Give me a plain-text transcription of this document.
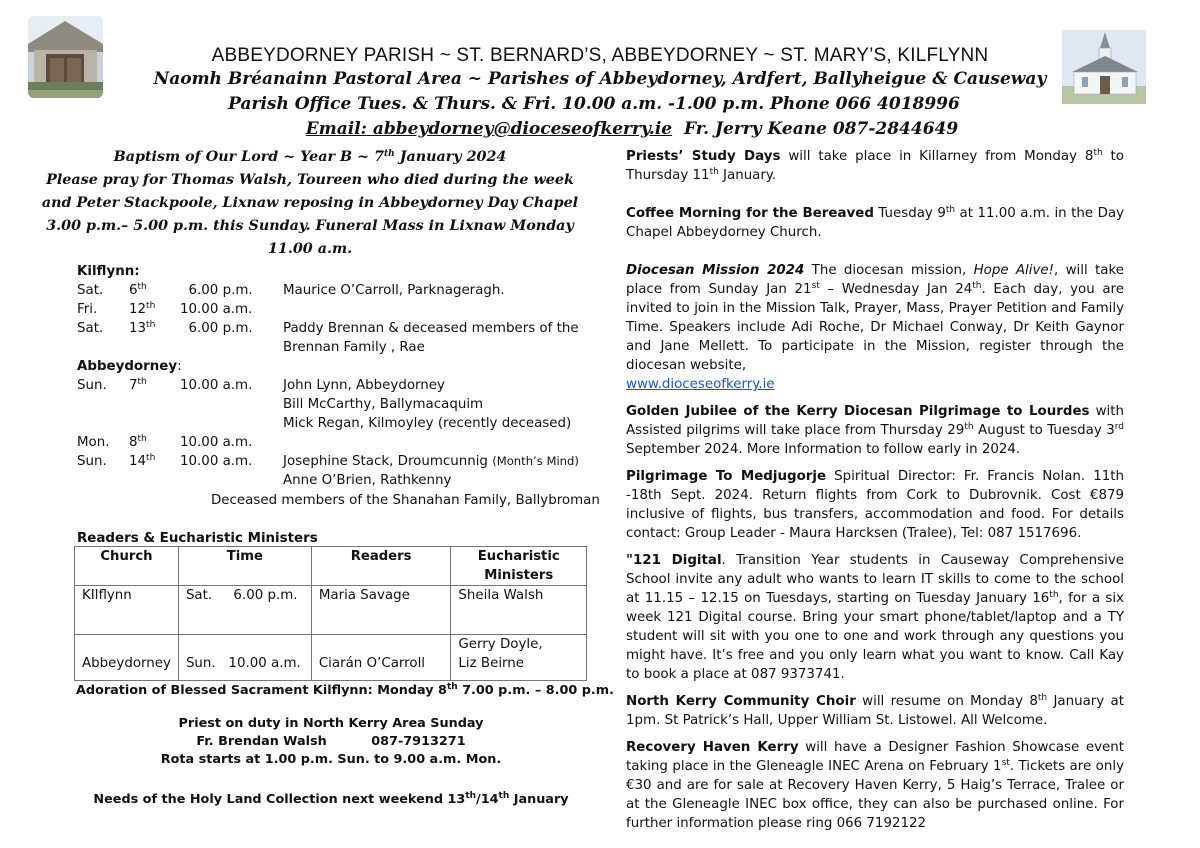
ABBEYDORNEY PARISH ~ ST. BERNARD’S, ABBEYDORNEY ~ ST. MARY’S, KILFLYNN
Naomh Bréanainn Pastoral Area ~ Parishes of Abbeydorney, Ardfert, Ballyheigue & Causeway
Parish Office Tues. & Thurs. & Fri. 10.00 a.m. -1.00 p.m. Phone 066 4018996
Email: abbeydorney@dioceseofkerry.ie Fr. Jerry Keane 087-2844649
Baptism of Our Lord ~ Year B ~ 7th January 2024
Please pray for Thomas Walsh, Toureen who died during the week and Peter Stackpoole, Lixnaw reposing in Abbeydorney Day Chapel 3.00 p.m.– 5.00 p.m. this Sunday. Funeral Mass in Lixnaw Monday 11.00 a.m.
Kilflynn:
Sat. 6th 6.00 p.m. Maurice O’Carroll, Parknageragh.
Fri. 12th 10.00 a.m.
Sat. 13th 6.00 p.m. Paddy Brennan & deceased members of the
Brennan Family , Rae
Abbeydorney:
Sun. 7th 10.00 a.m. John Lynn, Abbeydorney
Bill McCarthy, Ballymacaquim
Mick Regan, Kilmoyley (recently deceased)
Mon. 8th 10.00 a.m.
Sun. 14th 10.00 a.m. Josephine Stack, Droumcunnig (Month’s Mind)
Anne O’Brien, Rathkenny
Deceased members of the Shanahan Family, Ballybroman
Readers & Eucharistic Ministers
Church	Time	Readers	Eucharistic Ministers
KIlflynn	Sat.     6.00 p.m.	Maria Savage	Sheila Walsh
Abbeydorney	Sun.   10.00 a.m.	Ciarán O’Carroll	Gerry Doyle,
Liz Beirne
Adoration of Blessed Sacrament Kilflynn: Monday 8th 7.00 p.m. – 8.00 p.m.
Priest on duty in North Kerry Area Sunday
Fr. Brendan Walsh          087-7913271
Rota starts at 1.00 p.m. Sun. to 9.00 a.m. Mon.
Needs of the Holy Land Collection next weekend 13th/14th January

Priests’ Study Days will take place in Killarney from Monday 8th to Thursday 11th January.

Coffee Morning for the Bereaved Tuesday 9th at 11.00 a.m. in the Day Chapel Abbeydorney Church.

Diocesan Mission 2024 The diocesan mission, Hope Alive!, will take place from Sunday Jan 21st – Wednesday Jan 24th. Each day, you are invited to join in the Mission Talk, Prayer, Mass, Prayer Petition and Family Time. Speakers include Adi Roche, Dr Michael Conway, Dr Keith Gaynor and Jane Mellett. To participate in the Mission, register through the diocesan website,
www.dioceseofkerry.ie

Golden Jubilee of the Kerry Diocesan Pilgrimage to Lourdes with Assisted pilgrims will take place from Thursday 29th August to Tuesday 3rd September 2024. More Information to follow early in 2024.

Pilgrimage To Medjugorje Spiritual Director: Fr. Francis Nolan. 11th -18th Sept. 2024. Return flights from Cork to Dubrovnik. Cost €879 inclusive of flights, bus transfers, accommodation and food. For details contact: Group Leader - Maura Harcksen (Tralee), Tel: 087 1517696.

"121 Digital. Transition Year students in Causeway Comprehensive School invite any adult who wants to learn IT skills to come to the school at 11.15 – 12.15 on Tuesdays, starting on Tuesday January 16th, for a six week 121 Digital course. Bring your smart phone/tablet/laptop and a TY student will sit with you one to one and work through any questions you might have. It’s free and you only learn what you want to know. Call Kay to book a place at 087 9373741.

North Kerry Community Choir will resume on Monday 8th January at 1pm. St Patrick’s Hall, Upper William St. Listowel. All Welcome.

Recovery Haven Kerry will have a Designer Fashion Showcase event taking place in the Gleneagle INEC Arena on February 1st. Tickets are only €30 and are for sale at Recovery Haven Kerry, 5 Haig’s Terrace, Tralee or at the Gleneagle INEC box office, they can also be purchased online. For further information please ring 066 7192122
